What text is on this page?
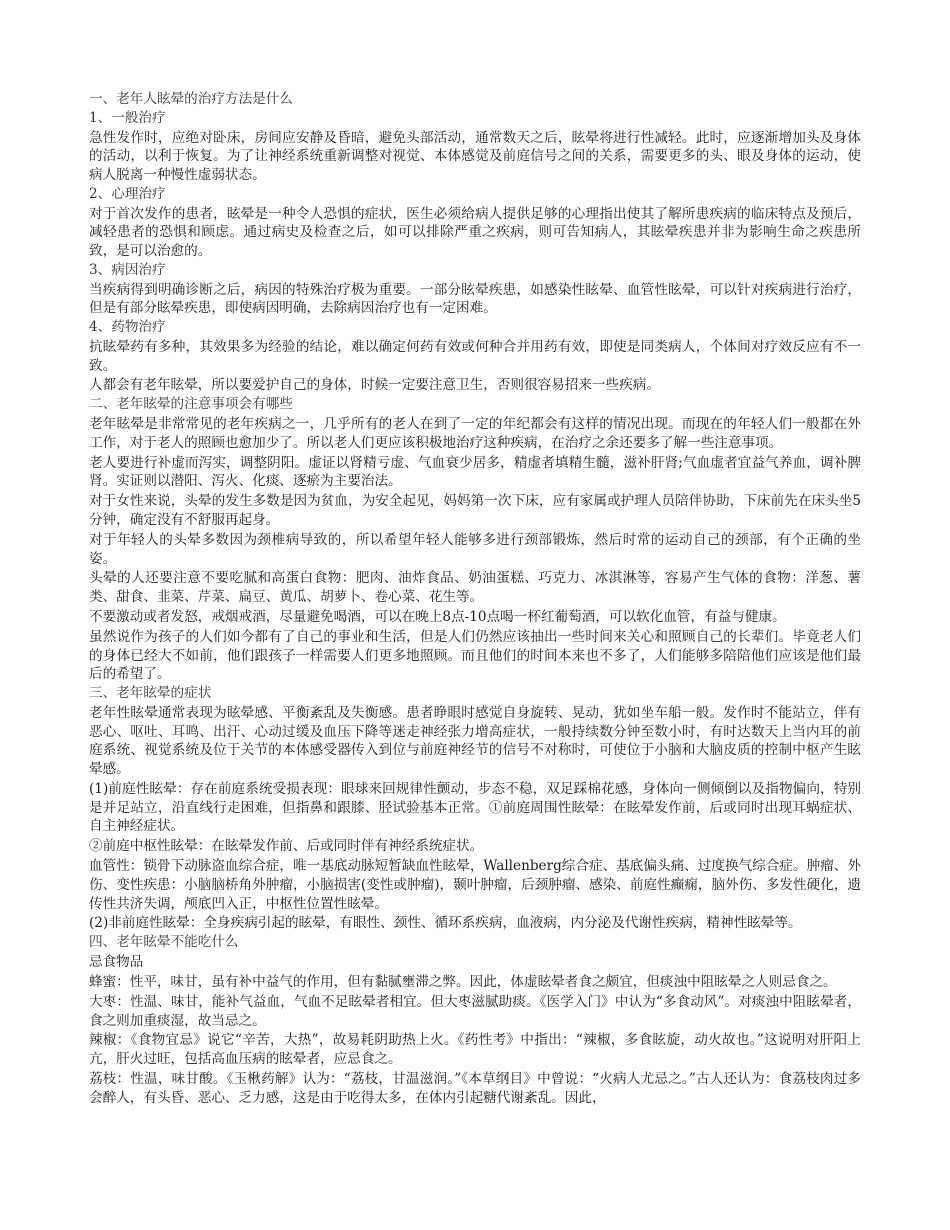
一、老年人眩晕的治疗方法是什么

1、一般治疗

急性发作时，应绝对卧床，房间应安静及昏暗，避免头部活动，通常数天之后，眩晕将进行性减轻。此时，应逐渐增加头及身体的活动，以利于恢复。为了让神经系统重新调整对视觉、本体感觉及前庭信号之间的关系，需要更多的头、眼及身体的运动，使病人脱离一种慢性虚弱状态。

2、心理治疗

对于首次发作的患者，眩晕是一种令人恐惧的症状，医生必须给病人提供足够的心理指出使其了解所患疾病的临床特点及预后，减轻患者的恐惧和顾虑。通过病史及检查之后，如可以排除严重之疾病，则可告知病人，其眩晕疾患并非为影响生命之疾患所致，是可以治愈的。

3、病因治疗

当疾病得到明确诊断之后，病因的特殊治疗极为重要。一部分眩晕疾患，如感染性眩晕、血管性眩晕，可以针对疾病进行治疗，但是有部分眩晕疾患，即使病因明确，去除病因治疗也有一定困难。

4、药物治疗

抗眩晕药有多种，其效果多为经验的结论，难以确定何药有效或何种合并用药有效，即使是同类病人，个体间对疗效反应有不一致。

人都会有老年眩晕，所以要爱护自己的身体，时候一定要注意卫生，否则很容易招来一些疾病。

二、老年眩晕的注意事项会有哪些

老年眩晕是非常常见的老年疾病之一，几乎所有的老人在到了一定的年纪都会有这样的情况出现。而现在的年轻人们一般都在外工作，对于老人的照顾也愈加少了。所以老人们更应该积极地治疗这种疾病，在治疗之余还要多了解一些注意事项。

老人要进行补虚而泻实，调整阴阳。虚证以肾精亏虚、气血衰少居多，精虚者填精生髓，滋补肝肾;气血虚者宜益气养血，调补脾肾。实证则以潜阳、泻火、化痰、逐瘀为主要治法。

对于女性来说，头晕的发生多数是因为贫血，为安全起见，妈妈第一次下床，应有家属或护理人员陪伴协助，下床前先在床头坐5分钟，确定没有不舒服再起身。

对于年轻人的头晕多数因为颈椎病导致的，所以希望年轻人能够多进行颈部锻炼，然后时常的运动自己的颈部，有个正确的坐姿。

头晕的人还要注意不要吃腻和高蛋白食物：肥肉、油炸食品、奶油蛋糕、巧克力、冰淇淋等，容易产生气体的食物：洋葱、薯类、甜食、韭菜、芹菜、扁豆、黄瓜、胡萝卜、卷心菜、花生等。

不要激动或者发怒，戒烟戒酒，尽量避免喝酒，可以在晚上8点-10点喝一杯红葡萄酒，可以软化血管，有益与健康。

虽然说作为孩子的人们如今都有了自己的事业和生活，但是人们仍然应该抽出一些时间来关心和照顾自己的长辈们。毕竟老人们的身体已经大不如前，他们跟孩子一样需要人们更多地照顾。而且他们的时间本来也不多了，人们能够多陪陪他们应该是他们最后的希望了。

三、老年眩晕的症状

老年性眩晕通常表现为眩晕感、平衡紊乱及失衡感。患者睁眼时感觉自身旋转、晃动，犹如坐车船一般。发作时不能站立，伴有恶心、呕吐、耳鸣、出汗、心动过缓及血压下降等迷走神经张力增高症状，一般持续数分钟至数小时，有时达数天上当内耳的前庭系统、视觉系统及位于关节的本体感受器传入到位与前庭神经节的信号不对称时，可使位于小脑和大脑皮质的控制中枢产生眩晕感。

(1)前庭性眩晕：存在前庭系统受损表现：眼球来回规律性颤动，步态不稳，双足踩棉花感，身体向一侧倾倒以及指物偏向，特别是并足站立，沿直线行走困难，但指鼻和跟膝、胫试验基本正常。①前庭周围性眩晕：在眩晕发作前，后或同时出现耳蜗症状、自主神经症状。

②前庭中枢性眩晕：在眩晕发作前、后或同时伴有神经系统症状。

血管性：锁骨下动脉盗血综合症，唯一基底动脉短暂缺血性眩晕，Wallenberg综合症、基底偏头痛、过度换气综合症。肿瘤、外伤、变性疾患：小脑脑桥角外肿瘤，小脑损害(变性或肿瘤)，颞叶肿瘤，后颈肿瘤、感染、前庭性癫痫，脑外伤、多发性硬化，遗传性共济失调，颅底凹入正，中枢性位置性眩晕。

(2)非前庭性眩晕：全身疾病引起的眩晕，有眼性、颈性、循环系疾病，血液病，内分泌及代谢性疾病，精神性眩晕等。

四、老年眩晕不能吃什么

忌食物品

蜂蜜：性平，味甘，虽有补中益气的作用，但有黏腻壅滞之弊。因此，体虚眩晕者食之颇宜，但痰浊中阻眩晕之人则忌食之。

大枣：性温、味甘，能补气益血，气血不足眩晕者相宜。但大枣滋腻助痰。《医学入门》中认为“多食动风”。对痰浊中阻眩晕者，食之则加重痰湿，故当忌之。

辣椒：《食物宜忌》说它“辛苦，大热”，故易耗阴助热上火。《药性考》中指出：“辣椒，多食眩旋，动火故也。”这说明对肝阳上亢，肝火过旺，包括高血压病的眩晕者，应忌食之。

荔枝：性温，味甘酸。《玉楸药解》认为：“荔枝，甘温滋润。”《本草纲目》中曾说：“火病人尤忌之。”古人还认为：食荔枝肉过多会醉人，有头昏、恶心、乏力感，这是由于吃得太多，在体内引起糖代谢紊乱。因此，
